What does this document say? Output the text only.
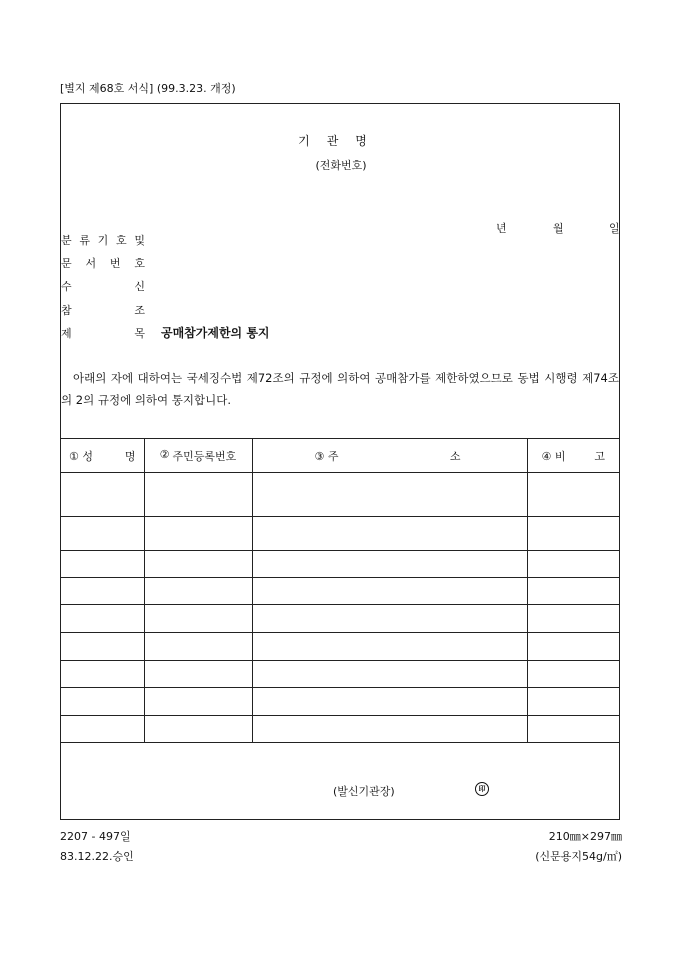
[별지 제68호 서식] (99.3.23. 개정)
기관명
(전화번호)
년	월	일
분 류 기 호 및
문 서 번 호
수	신
참	조
제	목 공매참가제한의 통지
아래의 자에 대하여는 국세징수법 제72조의 규정에 의하여 공매참가를 제한하였으므로 동법 시행령 제74조의 2의 규정에 의하여 통지합니다.
① 성 명	② 주민등록번호	③ 주 소	④ 비 고

(발신기관장)	印
2207 - 497일
83.12.22.승인
210㎜×297㎜
(신문용지54g/㎡)
